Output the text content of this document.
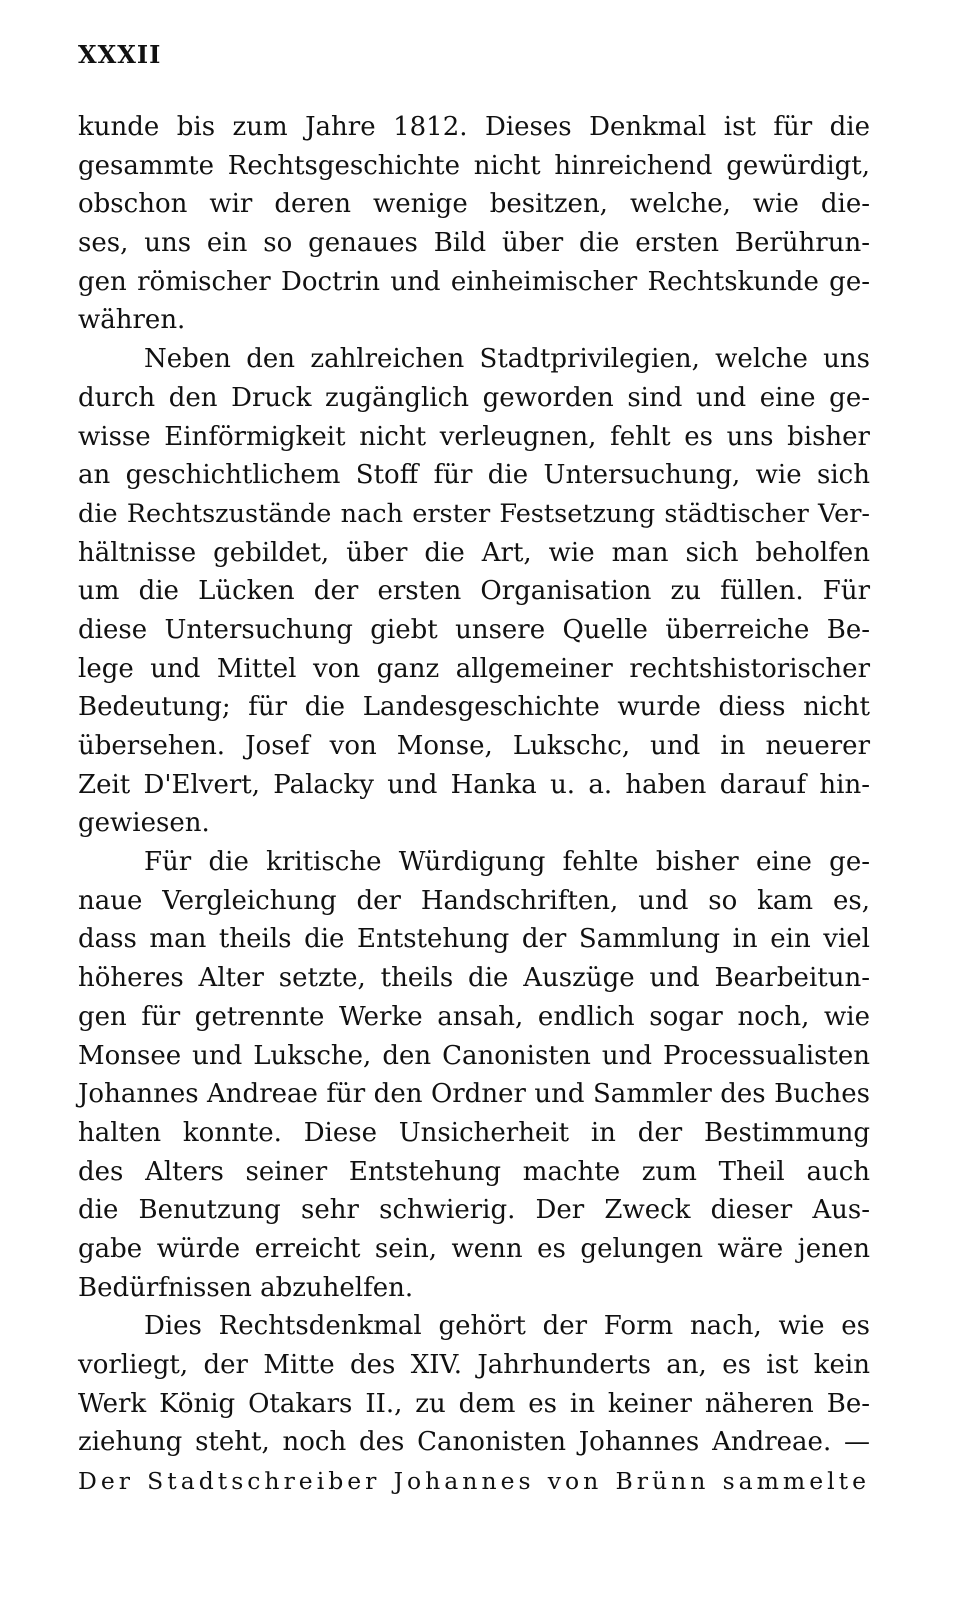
XXXII
kunde bis zum Jahre 1812. Dieses Denkmal ist für die
gesammte Rechtsgeschichte nicht hinreichend gewürdigt,
obschon wir deren wenige besitzen, welche, wie die-
ses, uns ein so genaues Bild über die ersten Berührun-
gen römischer Doctrin und einheimischer Rechtskunde ge-
währen.
Neben den zahlreichen Stadtprivilegien, welche uns
durch den Druck zugänglich geworden sind und eine ge-
wisse Einförmigkeit nicht verleugnen, fehlt es uns bisher
an geschichtlichem Stoff für die Untersuchung, wie sich
die Rechtszustände nach erster Festsetzung städtischer Ver-
hältnisse gebildet, über die Art, wie man sich beholfen
um die Lücken der ersten Organisation zu füllen. Für
diese Untersuchung giebt unsere Quelle überreiche Be-
lege und Mittel von ganz allgemeiner rechtshistorischer
Bedeutung; für die Landesgeschichte wurde diess nicht
übersehen. Josef von Monse, Lukschc, und in neuerer
Zeit D'Elvert, Palacky und Hanka u. a. haben darauf hin-
gewiesen.
Für die kritische Würdigung fehlte bisher eine ge-
naue Vergleichung der Handschriften, und so kam es,
dass man theils die Entstehung der Sammlung in ein viel
höheres Alter setzte, theils die Auszüge und Bearbeitun-
gen für getrennte Werke ansah, endlich sogar noch, wie
Monsee und Luksche, den Canonisten und Processualisten
Johannes Andreae für den Ordner und Sammler des Buches
halten konnte. Diese Unsicherheit in der Bestimmung
des Alters seiner Entstehung machte zum Theil auch
die Benutzung sehr schwierig. Der Zweck dieser Aus-
gabe würde erreicht sein, wenn es gelungen wäre jenen
Bedürfnissen abzuhelfen.
Dies Rechtsdenkmal gehört der Form nach, wie es
vorliegt, der Mitte des XIV. Jahrhunderts an, es ist kein
Werk König Otakars II., zu dem es in keiner näheren Be-
ziehung steht, noch des Canonisten Johannes Andreae. —
Der Stadtschreiber Johannes von Brünn sammelte
